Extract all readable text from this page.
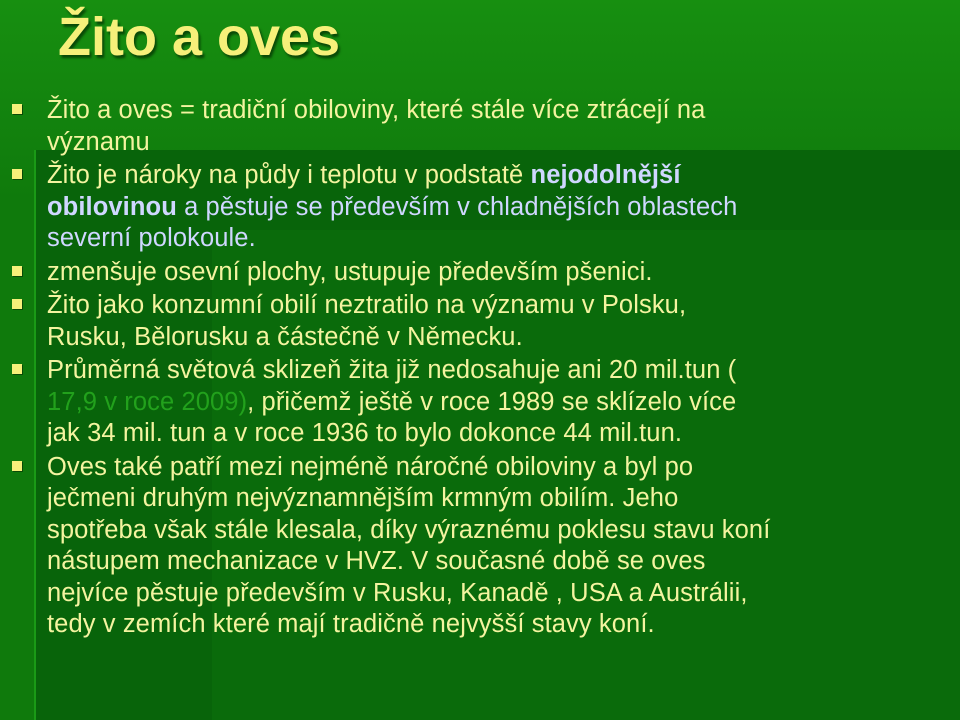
Žito a oves
Žito a oves = tradiční obiloviny, které stále více ztrácejí na
významu
Žito je nároky na půdy i teplotu v podstatě nejodolnější
obilovinou a pěstuje se především v chladnějších oblastech
severní polokoule.
zmenšuje osevní plochy, ustupuje především pšenici.
Žito jako konzumní obilí neztratilo na významu v Polsku,
Rusku, Bělorusku a částečně v Německu.
Průměrná světová sklizeň žita již nedosahuje ani 20 mil.tun (
17,9 v roce 2009), přičemž ještě v roce 1989 se sklízelo více
jak 34 mil. tun a v roce 1936 to bylo dokonce 44 mil.tun.
Oves také patří mezi nejméně náročné obiloviny a byl po
ječmeni druhým nejvýznamnějším krmným obilím. Jeho
spotřeba však stále klesala, díky výraznému poklesu stavu koní
nástupem mechanizace v HVZ. V současné době se oves
nejvíce pěstuje především v Rusku, Kanadě , USA a Austrálii,
tedy v zemích které mají tradičně nejvyšší stavy koní.
